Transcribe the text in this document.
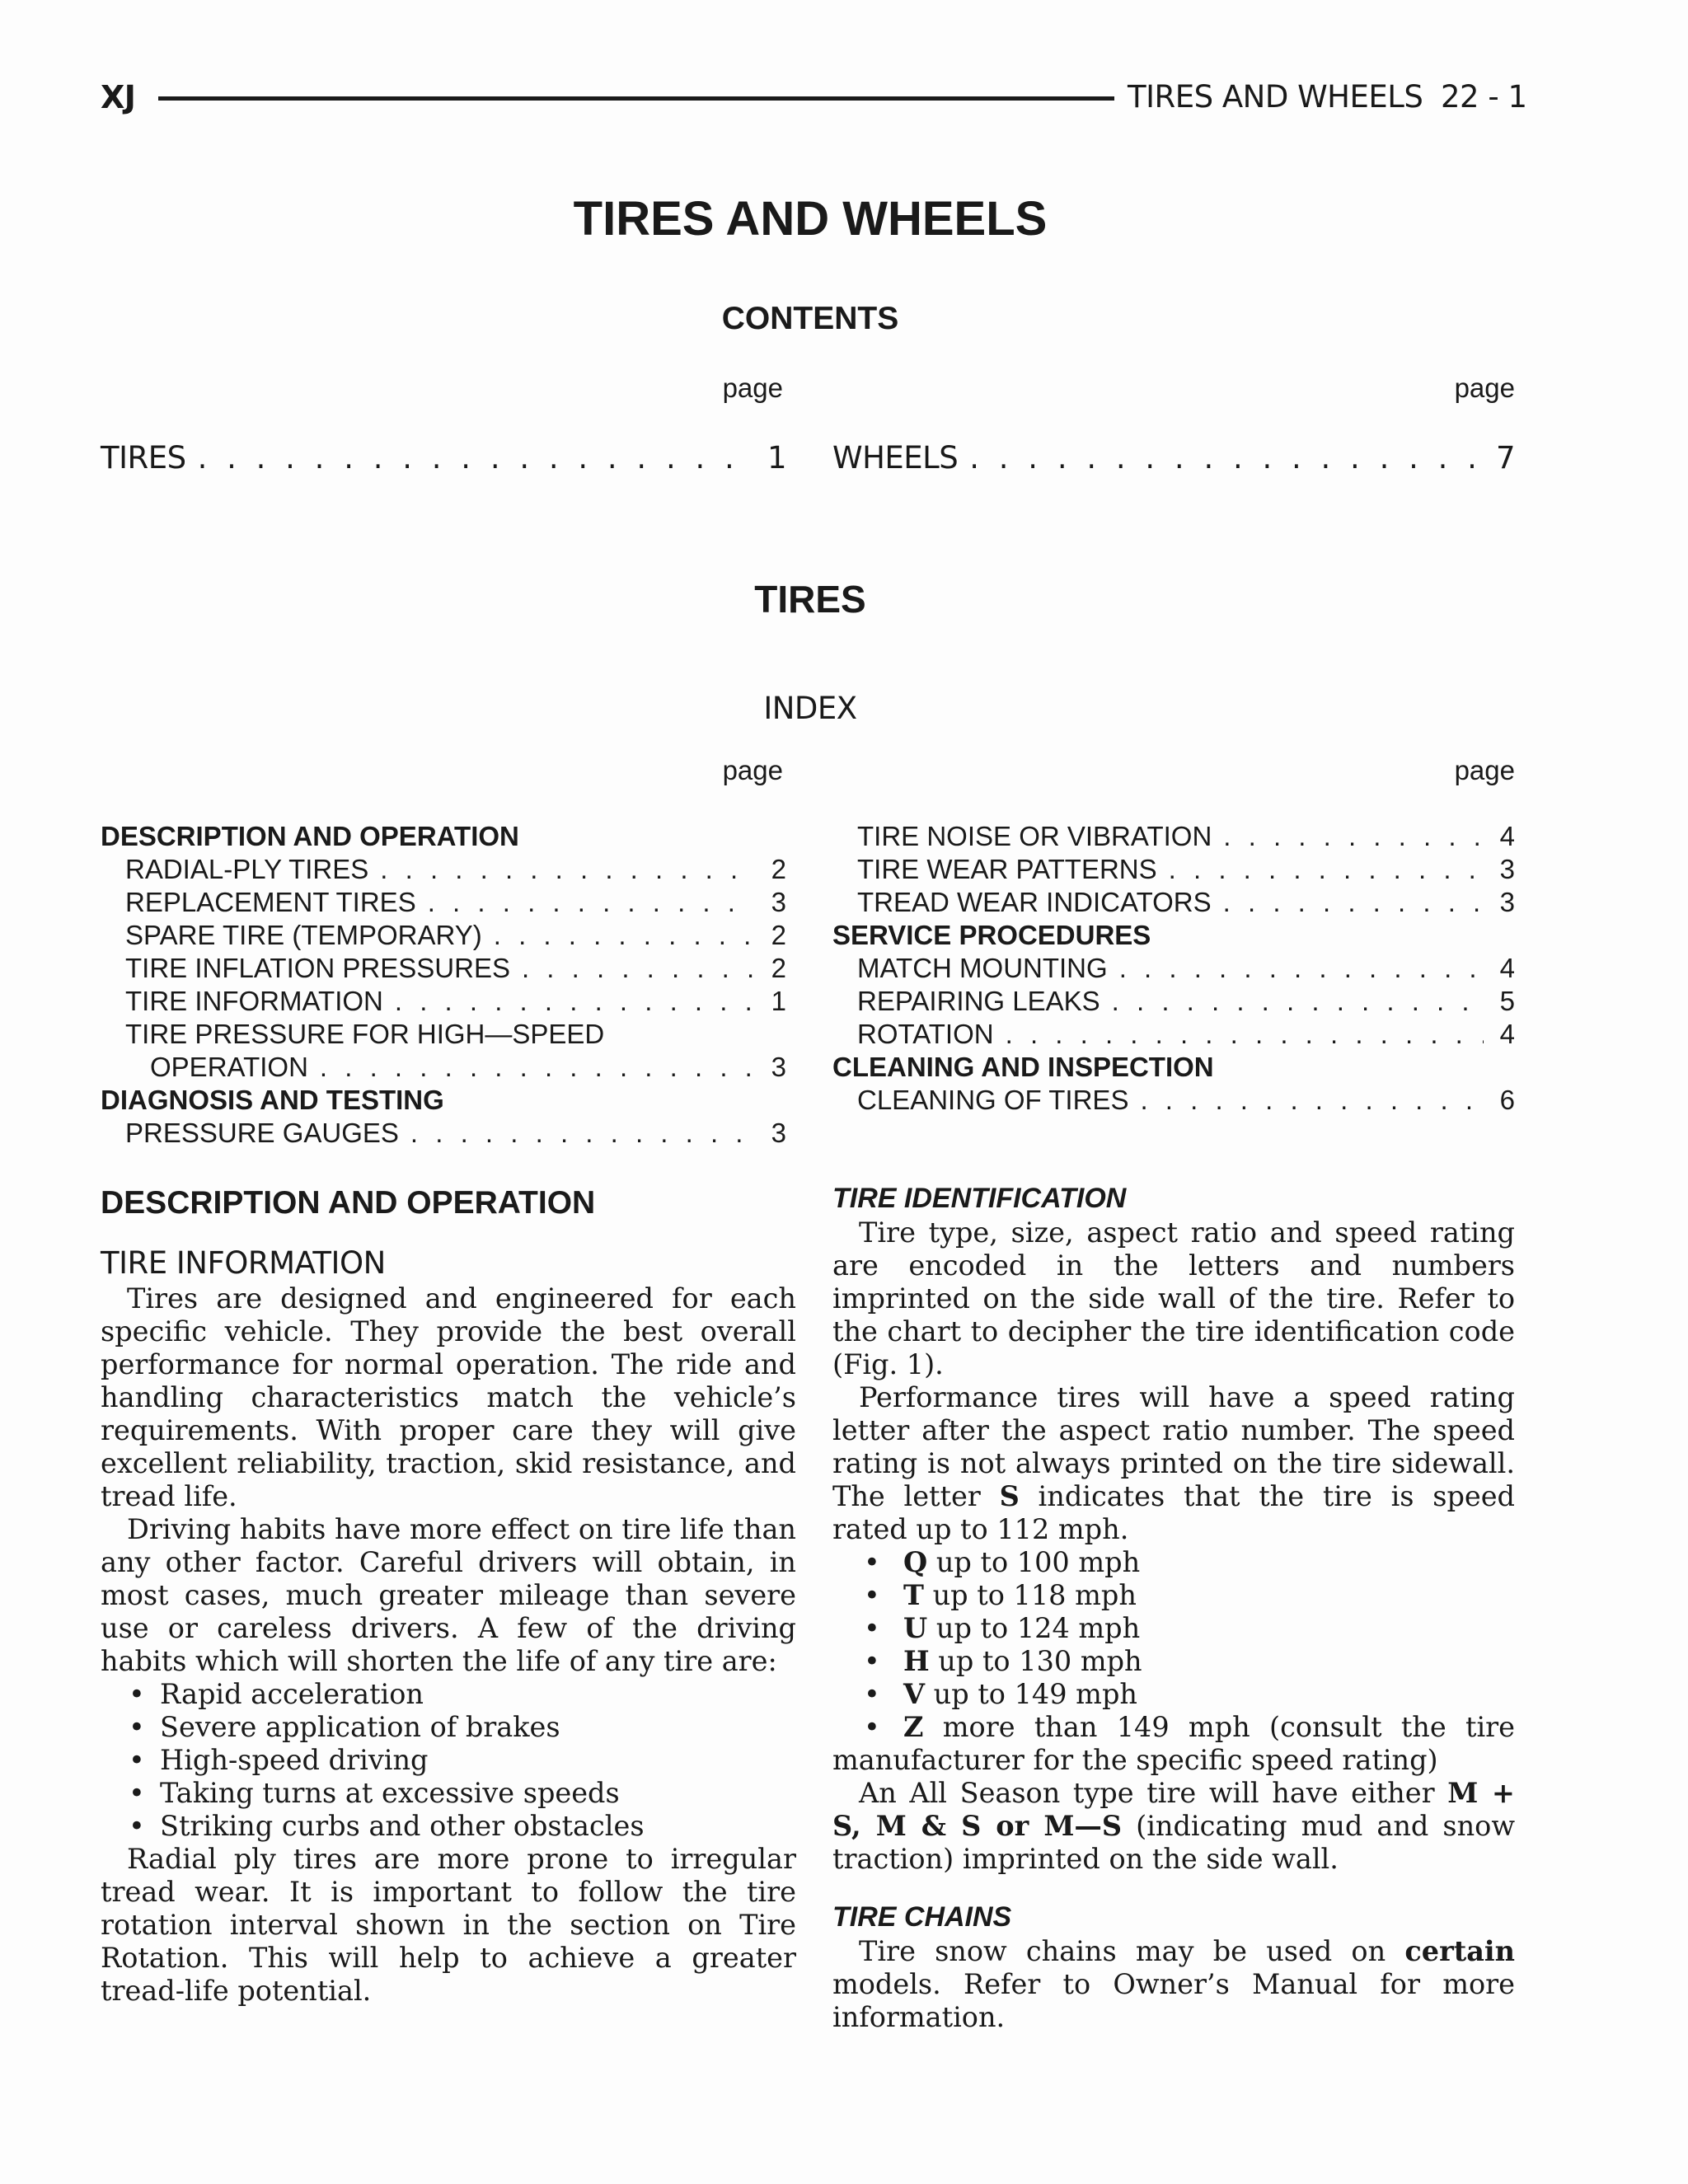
XJ	TIRES AND WHEELS 22 - 1
TIRES AND WHEELS
CONTENTS
page	page
TIRES . . .	1 WHEELS . . .	7
TIRES
INDEX
page	page
DESCRIPTION AND OPERATION
RADIAL-PLY TIRES . . .	2
REPLACEMENT TIRES . . .	3
SPARE TIRE (TEMPORARY) . . .	2
TIRE INFLATION PRESSURES . . .	2
TIRE INFORMATION . . .	1
TIRE PRESSURE FOR HIGH—SPEED
OPERATION . . .	3
DIAGNOSIS AND TESTING
PRESSURE GAUGES . . .	3
TIRE NOISE OR VIBRATION . . .	4
TIRE WEAR PATTERNS . . .	3
TREAD WEAR INDICATORS . . .	3
SERVICE PROCEDURES
MATCH MOUNTING . . .	4
REPAIRING LEAKS . . .	5
ROTATION . . .	4
CLEANING AND INSPECTION
CLEANING OF TIRES . . .	6
DESCRIPTION AND OPERATION
TIRE INFORMATION

Tires are designed and engineered for each specific vehicle. They provide the best overall performance for normal operation. The ride and handling characteristics match the vehicle’s requirements. With proper care they will give excellent reliability, traction, skid resistance, and tread life.

Driving habits have more effect on tire life than any other factor. Careful drivers will obtain, in most cases, much greater mileage than severe use or careless drivers. A few of the driving habits which will shorten the life of any tire are:

• Rapid acceleration
• Severe application of brakes
• High-speed driving
• Taking turns at excessive speeds
• Striking curbs and other obstacles

Radial ply tires are more prone to irregular tread wear. It is important to follow the tire rotation interval shown in the section on Tire Rotation. This will help to achieve a greater tread-life potential.

TIRE IDENTIFICATION

Tire type, size, aspect ratio and speed rating are encoded in the letters and numbers imprinted on the side wall of the tire. Refer to the chart to decipher the tire identification code (Fig. 1).

Performance tires will have a speed rating letter after the aspect ratio number. The speed rating is not always printed on the tire sidewall. The letter S indicates that the tire is speed rated up to 112 mph.

• Q up to 100 mph
• T up to 118 mph
• U up to 124 mph
• H up to 130 mph
• V up to 149 mph
• Z more than 149 mph (consult the tire manufacturer for the specific speed rating)

An All Season type tire will have either M + S, M & S or M—S (indicating mud and snow traction) imprinted on the side wall.

TIRE CHAINS

Tire snow chains may be used on certain models. Refer to Owner’s Manual for more information.
